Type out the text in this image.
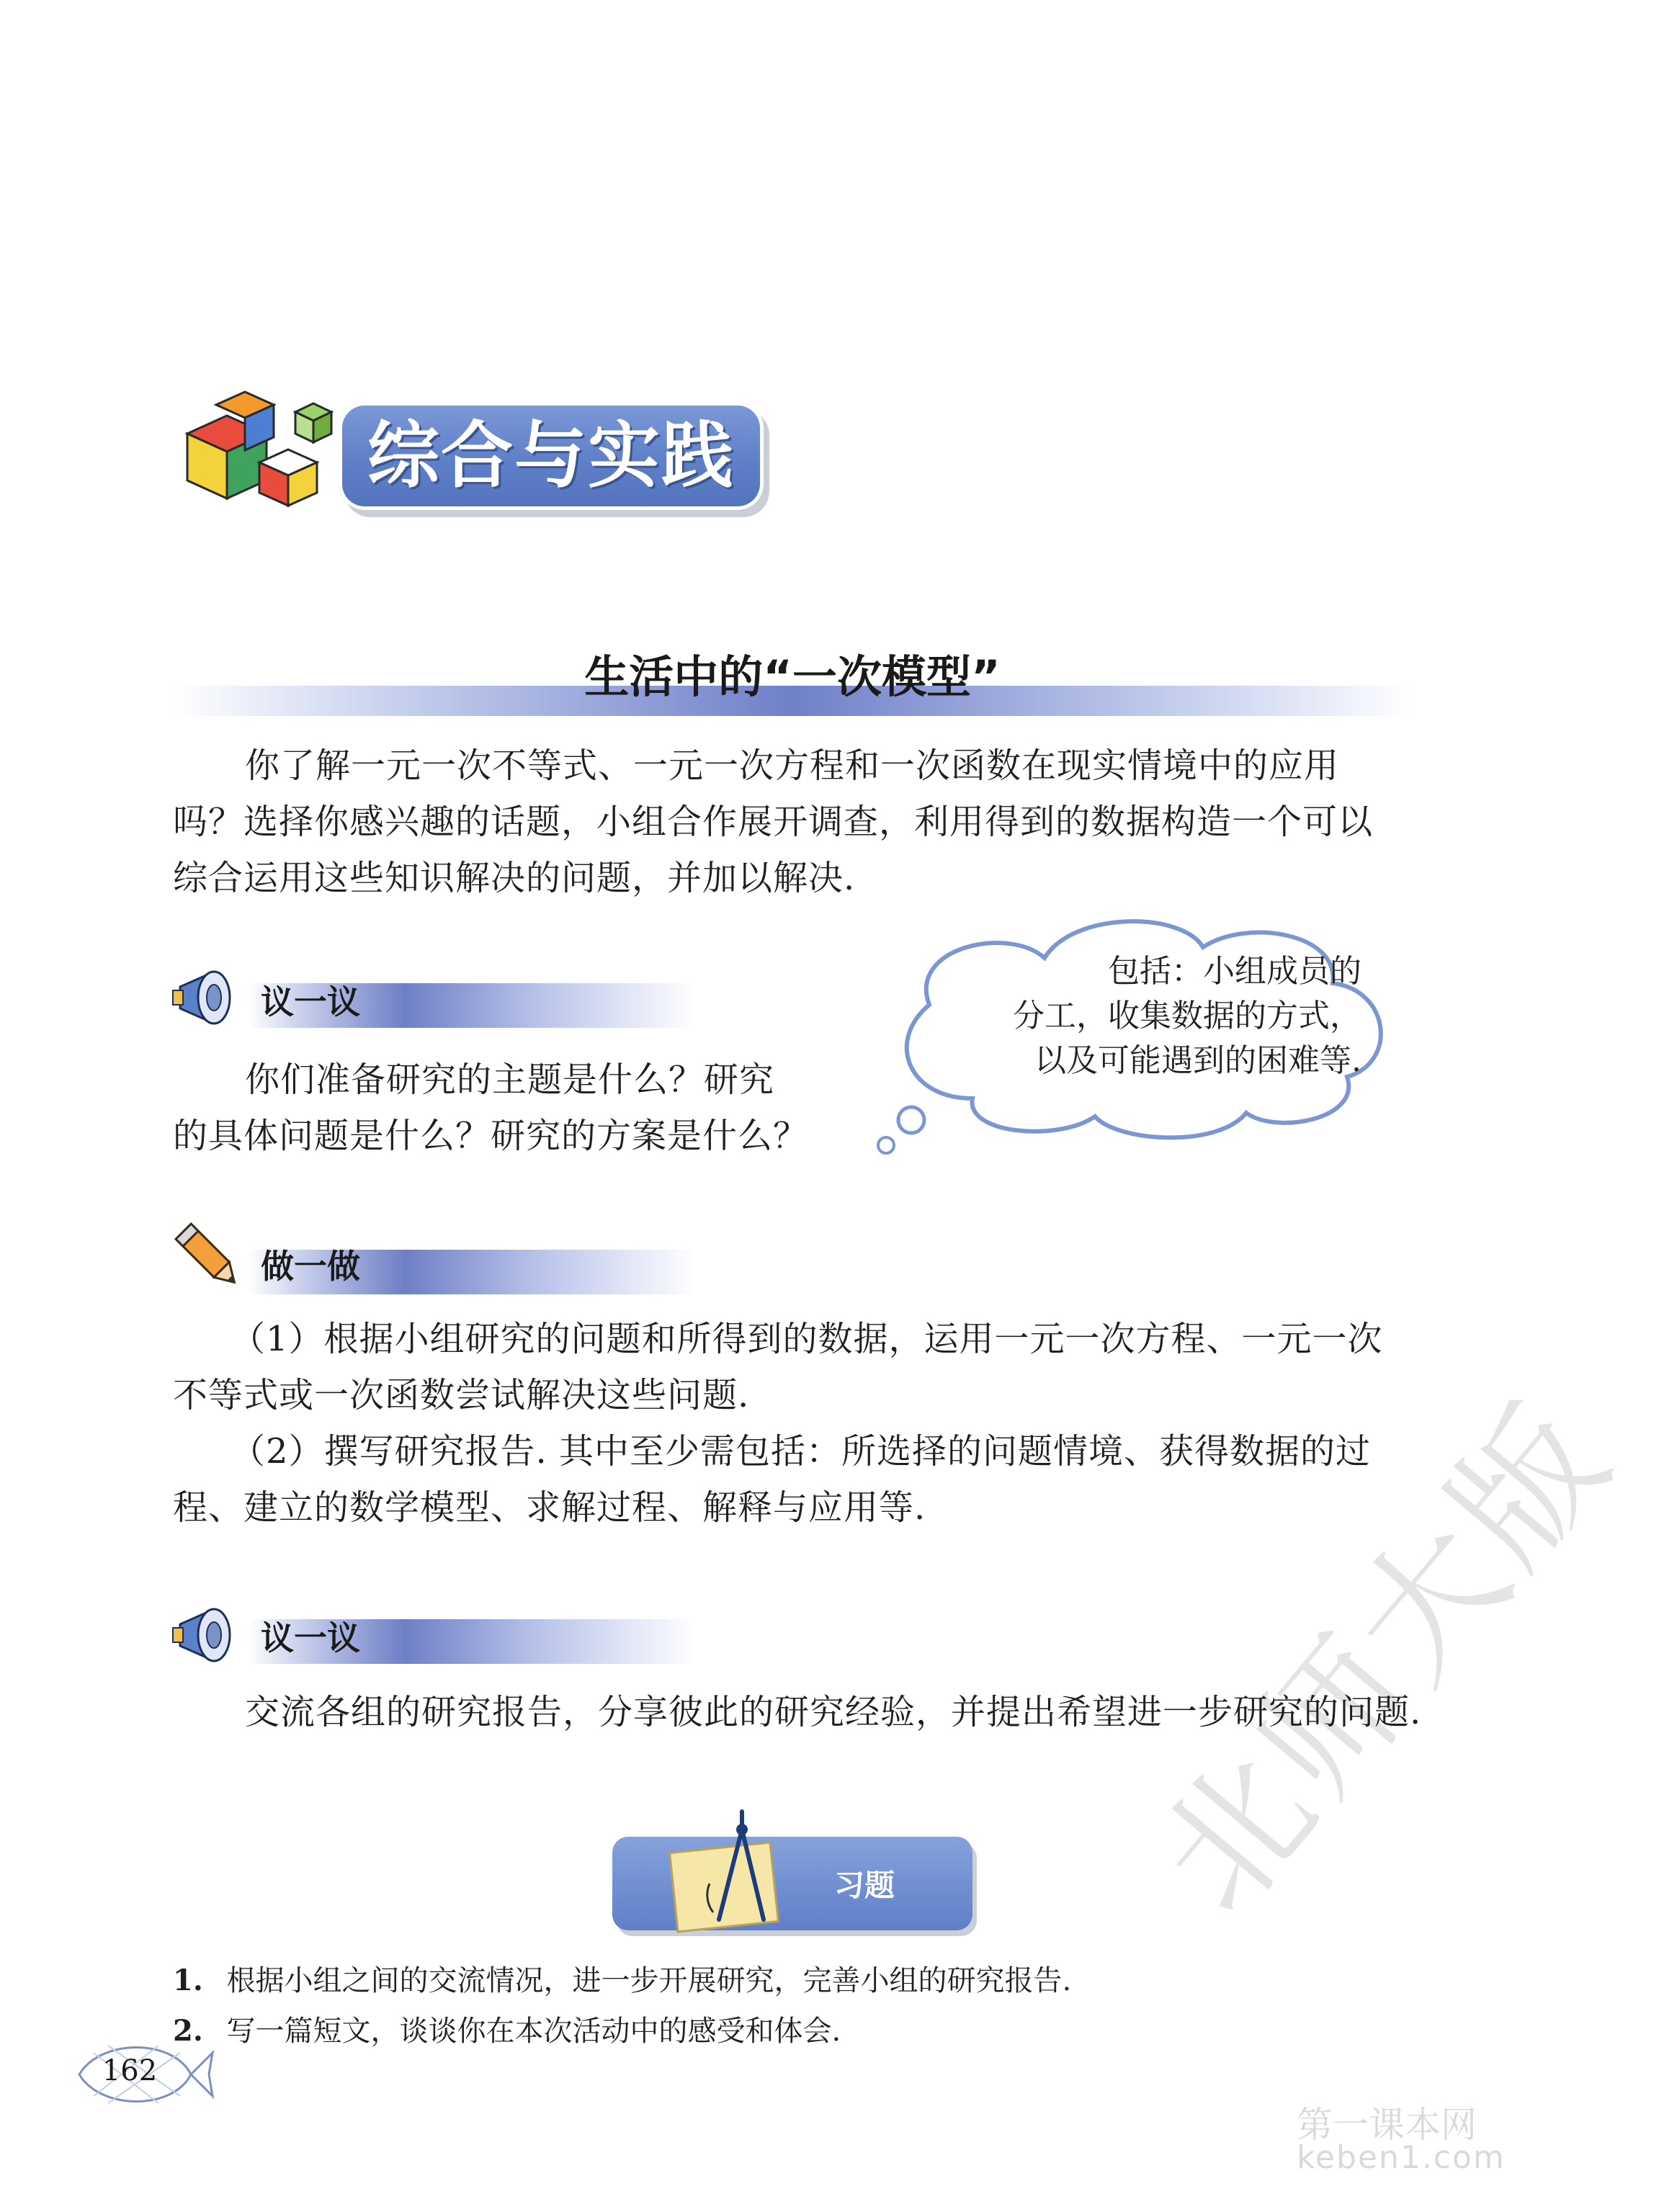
北师大版
第一课本网
keben1.com
综合与实践
生活中的“一次模型”

你了解一元一次不等式、一元一次方程和一次函数在现实情境中的应用

吗？选择你感兴趣的话题，小组合作展开调查，利用得到的数据构造一个可以

综合运用这些知识解决的问题，并加以解决.

议一议
你们准备研究的主题是什么？研究
的具体问题是什么？研究的方案是什么？
包括：小组成员的
分工，收集数据的方式，
以及可能遇到的困难等.
做一做
（1）根据小组研究的问题和所得到的数据，运用一元一次方程、一元一次
不等式或一次函数尝试解决这些问题.
（2）撰写研究报告. 其中至少需包括：所选择的问题情境、获得数据的过
程、建立的数学模型、求解过程、解释与应用等.
议一议
交流各组的研究报告，分享彼此的研究经验，并提出希望进一步研究的问题.
习题
1. 根据小组之间的交流情况，进一步开展研究，完善小组的研究报告.
2. 写一篇短文，谈谈你在本次活动中的感受和体会.
162
